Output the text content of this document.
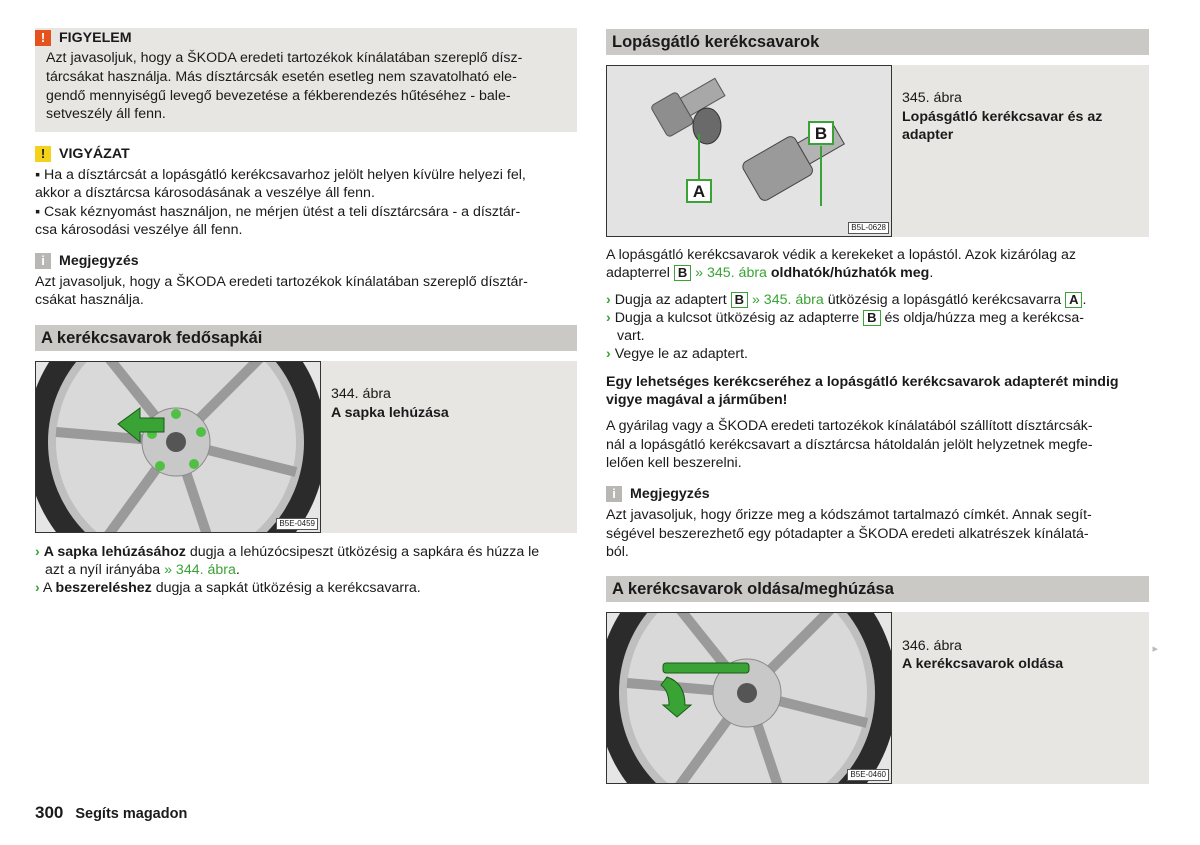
! FIGYELEM

Azt javasoljuk, hogy a ŠKODA eredeti tartozékok kínálatában szereplő dísz-

tárcsákat használja. Más dísztárcsák esetén esetleg nem szavatolható ele-

gendő mennyiségű levegő bevezetése a fékberendezés hűtéséhez - bale-

setveszély áll fenn.

! VIGYÁZAT

▪ Ha a dísztárcsát a lopásgátló kerékcsavarhoz jelölt helyen kívülre helyezi fel,

akkor a dísztárcsa károsodásának a veszélye áll fenn.

▪ Csak kéznyomást használjon, ne mérjen ütést a teli dísztárcsára - a dísztár-

csa károsodási veszélye áll fenn.

i Megjegyzés

Azt javasoljuk, hogy a ŠKODA eredeti tartozékok kínálatában szereplő dísztár-

csákat használja.

A kerékcsavarok fedősapkái
B5E-0459

344. ábra

A sapka lehúzása

› A sapka lehúzásához dugja a lehúzócsipeszt ütközésig a sapkára és húzza le

azt a nyíl irányába » 344. ábra.

› A beszereléshez dugja a sapkát ütközésig a kerékcsavarra.

Lopásgátló kerékcsavarok
A
B
B5L-0628

345. ábra

Lopásgátló kerékcsavar és az

adapter

A lopásgátló kerékcsavarok védik a kerekeket a lopástól. Azok kizárólag az

adapterrel B » 345. ábra oldhatók/húzhatók meg.

› Dugja az adaptert B » 345. ábra ütközésig a lopásgátló kerékcsavarra A .

› Dugja a kulcsot ütközésig az adapterre B és oldja/húzza meg a kerékcsa-

vart.

› Vegye le az adaptert.

Egy lehetséges kerékcseréhez a lopásgátló kerékcsavarok adapterét mindig

vigye magával a járműben!

A gyárilag vagy a ŠKODA eredeti tartozékok kínálatából szállított dísztárcsák-

nál a lopásgátló kerékcsavart a dísztárcsa hátoldalán jelölt helyzetnek megfe-

lelően kell beszerelni.

i Megjegyzés

Azt javasoljuk, hogy őrizze meg a kódszámot tartalmazó címkét. Annak segít-

ségével beszerezhető egy pótadapter a ŠKODA eredeti alkatrészek kínálatá-

ból.

A kerékcsavarok oldása/meghúzása
B5E-0460

346. ábra

A kerékcsavarok oldása

▸
300 Segíts magadon
